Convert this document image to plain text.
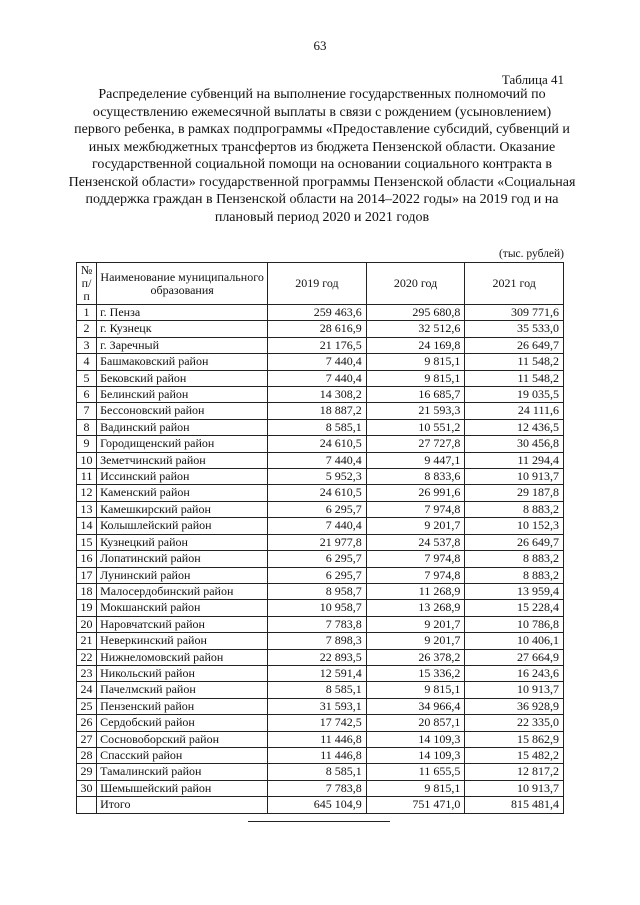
63
Таблица 41
Распределение субвенций на выполнение государственных полномочий по осуществлению ежемесячной выплаты в связи с рождением (усыновлением) первого ребенка, в рамках подпрограммы «Предоставление субсидий, субвенций и иных межбюджетных трансфертов из бюджета Пензенской области. Оказание государственной социальной помощи на основании социального контракта в Пензенской области» государственной программы Пензенской области «Социальная поддержка граждан в Пензенской области на 2014–2022 годы» на 2019 год и на плановый период 2020 и 2021 годов
(тыс. рублей)
№ п/п	Наименование муниципального образования	2019 год	2020 год	2021 год
1	г. Пенза	259 463,6	295 680,8	309 771,6
2	г. Кузнецк	28 616,9	32 512,6	35 533,0
3	г. Заречный	21 176,5	24 169,8	26 649,7
4	Башмаковский район	7 440,4	9 815,1	11 548,2
5	Бековский район	7 440,4	9 815,1	11 548,2
6	Белинский район	14 308,2	16 685,7	19 035,5
7	Бессоновский район	18 887,2	21 593,3	24 111,6
8	Вадинский район	8 585,1	10 551,2	12 436,5
9	Городищенский район	24 610,5	27 727,8	30 456,8
10	Земетчинский район	7 440,4	9 447,1	11 294,4
11	Иссинский район	5 952,3	8 833,6	10 913,7
12	Каменский район	24 610,5	26 991,6	29 187,8
13	Камешкирский район	6 295,7	7 974,8	8 883,2
14	Колышлейский район	7 440,4	9 201,7	10 152,3
15	Кузнецкий район	21 977,8	24 537,8	26 649,7
16	Лопатинский район	6 295,7	7 974,8	8 883,2
17	Лунинский район	6 295,7	7 974,8	8 883,2
18	Малосердобинский район	8 958,7	11 268,9	13 959,4
19	Мокшанский район	10 958,7	13 268,9	15 228,4
20	Наровчатский район	7 783,8	9 201,7	10 786,8
21	Неверкинский район	7 898,3	9 201,7	10 406,1
22	Нижнеломовский район	22 893,5	26 378,2	27 664,9
23	Никольский район	12 591,4	15 336,2	16 243,6
24	Пачелмский район	8 585,1	9 815,1	10 913,7
25	Пензенский район	31 593,1	34 966,4	36 928,9
26	Сердобский район	17 742,5	20 857,1	22 335,0
27	Сосновоборский район	11 446,8	14 109,3	15 862,9
28	Спасский район	11 446,8	14 109,3	15 482,2
29	Тамалинский район	8 585,1	11 655,5	12 817,2
30	Шемышейский район	7 783,8	9 815,1	10 913,7
	Итого	645 104,9	751 471,0	815 481,4
